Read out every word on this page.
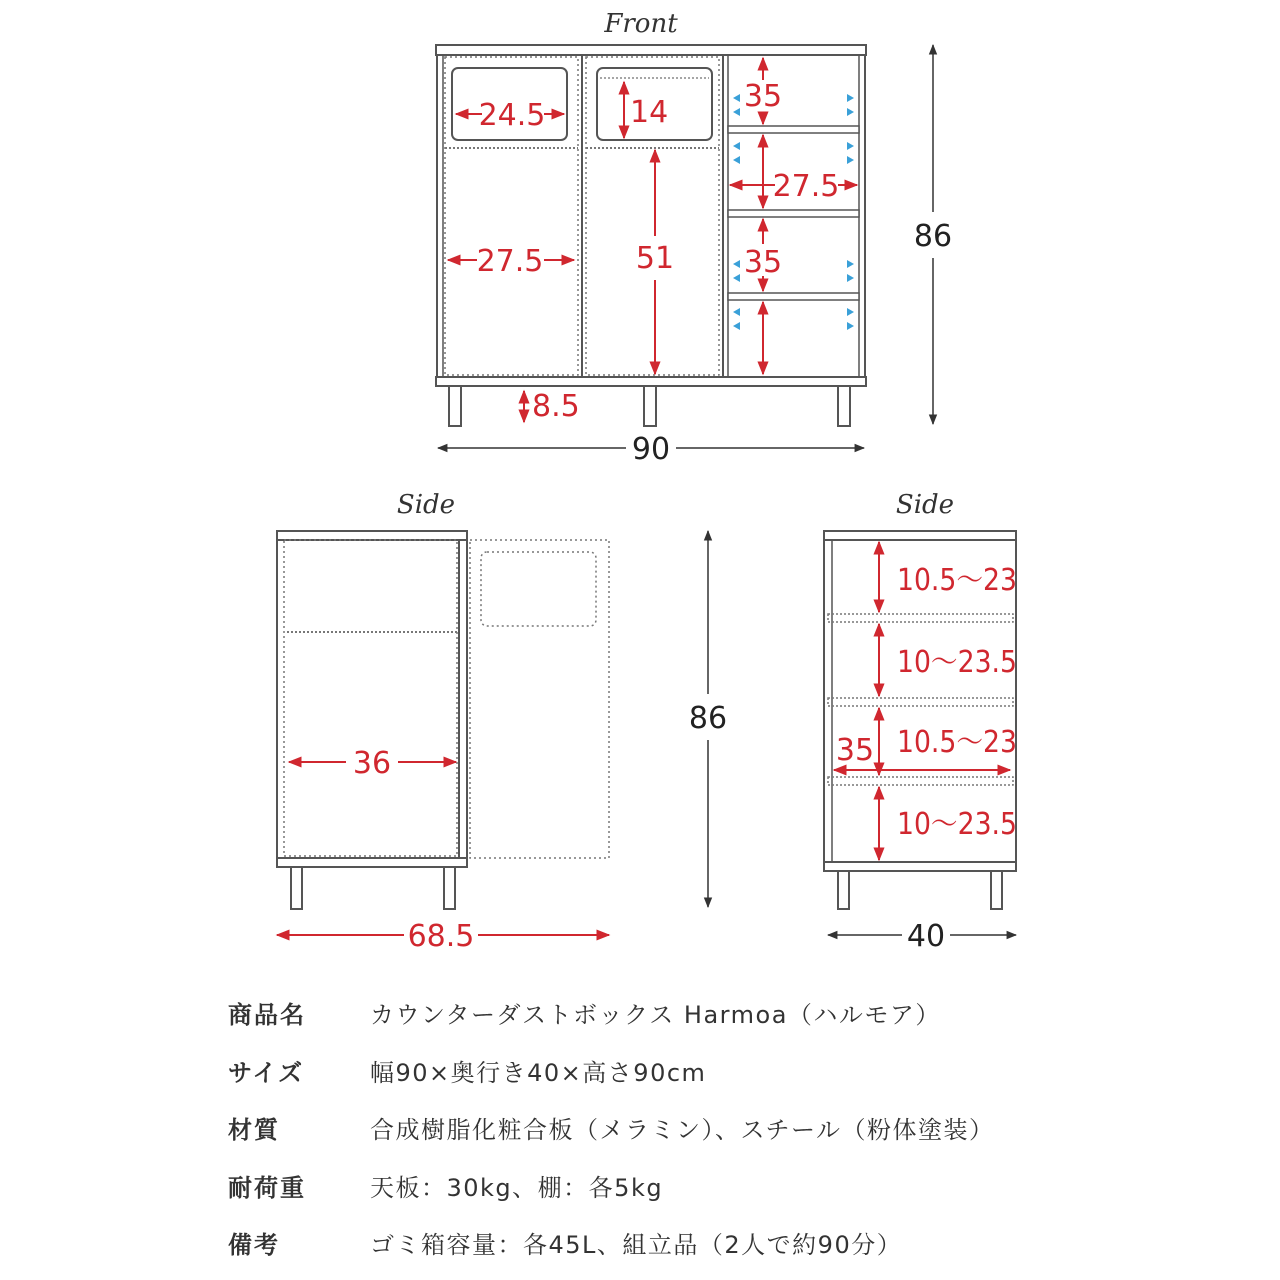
Front
24.5	14
27.5	51
35
27.5
35
8.5
90
86
Side
36
68.5
86
Side
10.5～23
10～23.5
10.5～23
10～23.5
35
40
商品名	カウンターダストボックス Harmoa（ハルモア）
サイズ	幅90×奥行き40×高さ90cm
材質	合成樹脂化粧合板（メラミン）、スチール（粉体塗装）
耐荷重	天板：30kg、棚：各5kg
備考	ゴミ箱容量：各45L、組立品（2人で約90分）
